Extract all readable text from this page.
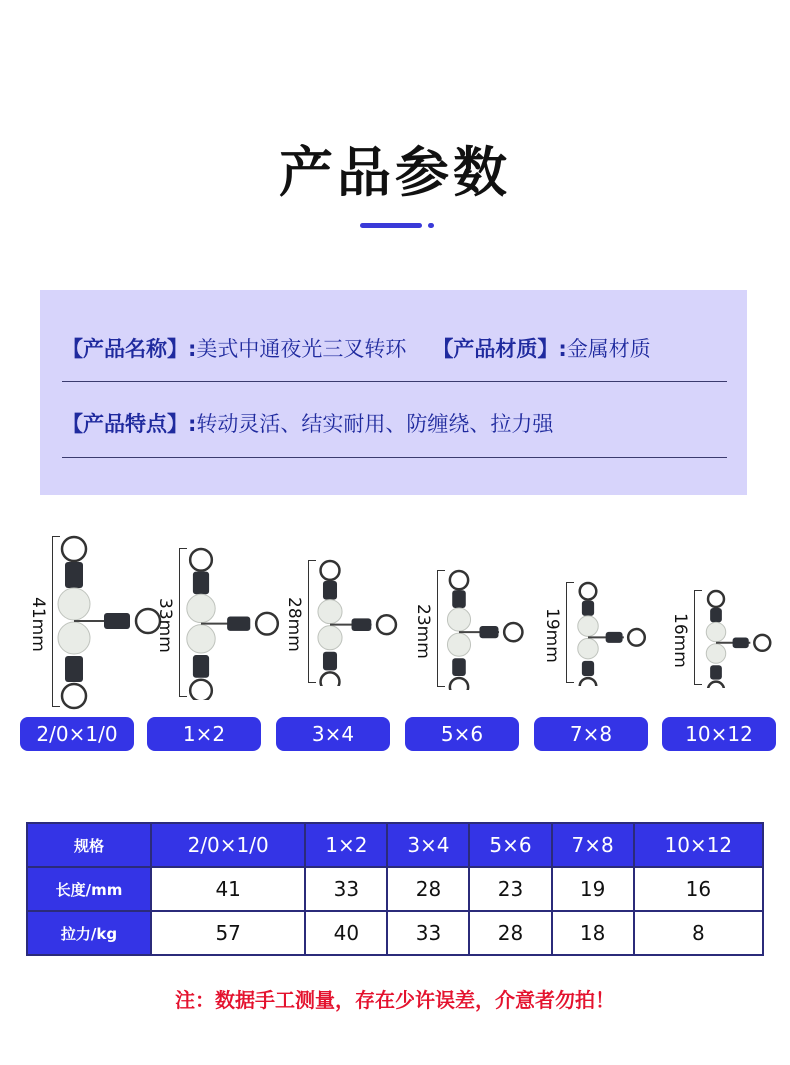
产品参数
【产品名称】:美式中通夜光三叉转环 【产品材质】:金属材质
【产品特点】:转动灵活、结实耐用、防缠绕、拉力强
41mm
2/0×1/0
33mm
1×2
28mm
3×4
23mm
5×6
19mm
7×8
16mm
10×12
规格	2/0×1/0	1×2	3×4	5×6	7×8	10×12
长度/mm	41	33	28	23	19	16
拉力/kg	57	40	33	28	18	8
注：数据手工测量，存在少许误差，介意者勿拍！
